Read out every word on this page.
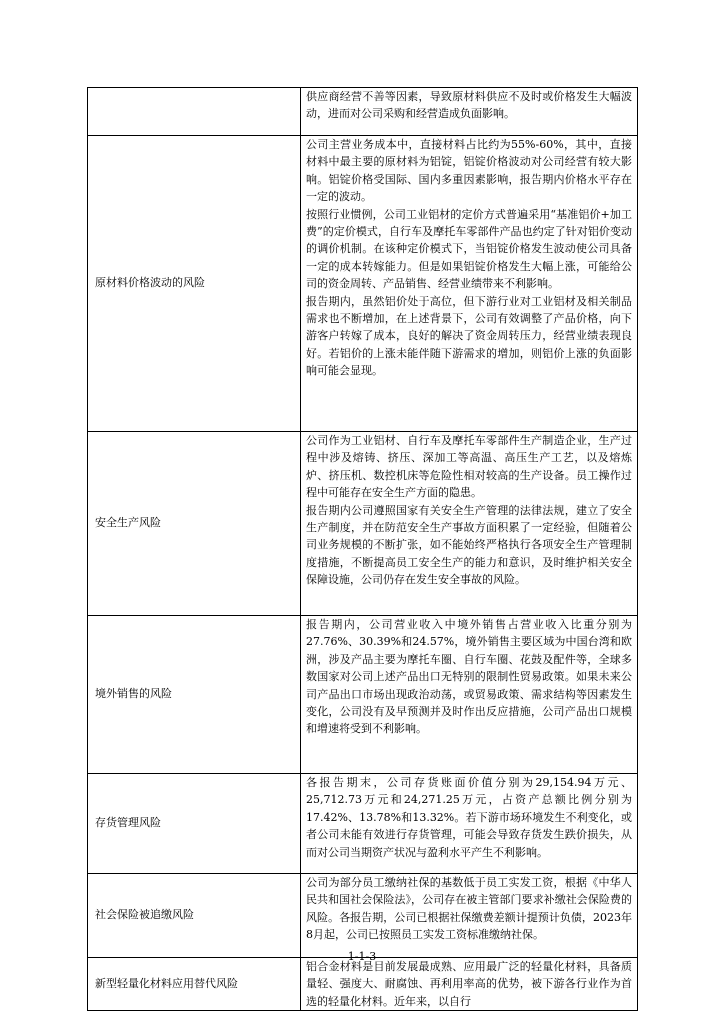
	供应商经营不善等因素，导致原材料供应不及时或价格发生大幅波动，进而对公司采购和经营造成负面影响。

原材料价格波动的风险	公司主营业务成本中，直接材料占比约为55%-60%，其中，直接材料中最主要的原材料为铝锭，铝锭价格波动对公司经营有较大影响。铝锭价格受国际、国内多重因素影响，报告期内价格水平存在一定的波动。

按照行业惯例，公司工业铝材的定价方式普遍采用“基准铝价+加工费”的定价模式，自行车及摩托车零部件产品也约定了针对铝价变动的调价机制。在该种定价模式下，当铝锭价格发生波动使公司具备一定的成本转嫁能力。但是如果铝锭价格发生大幅上涨，可能给公司的资金周转、产品销售、经营业绩带来不利影响。

报告期内，虽然铝价处于高位，但下游行业对工业铝材及相关制品需求也不断增加，在上述背景下，公司有效调整了产品价格，向下游客户转嫁了成本，良好的解决了资金周转压力，经营业绩表现良好。若铝价的上涨未能伴随下游需求的增加，则铝价上涨的负面影响可能会显现。

安全生产风险	公司作为工业铝材、自行车及摩托车零部件生产制造企业，生产过程中涉及熔铸、挤压、深加工等高温、高压生产工艺，以及熔炼炉、挤压机、数控机床等危险性相对较高的生产设备。员工操作过程中可能存在安全生产方面的隐患。

报告期内公司遵照国家有关安全生产管理的法律法规，建立了安全生产制度，并在防范安全生产事故方面积累了一定经验，但随着公司业务规模的不断扩张，如不能始终严格执行各项安全生产管理制度措施，不断提高员工安全生产的能力和意识，及时维护相关安全保障设施，公司仍存在发生安全事故的风险。

境外销售的风险	报告期内，公司营业收入中境外销售占营业收入比重分别为27.76%、30.39%和24.57%，境外销售主要区域为中国台湾和欧洲，涉及产品主要为摩托车圈、自行车圈、花鼓及配件等，全球多数国家对公司上述产品出口无特别的限制性贸易政策。如果未来公司产品出口市场出现政治动荡，或贸易政策、需求结构等因素发生变化，公司没有及早预测并及时作出反应措施，公司产品出口规模和增速将受到不利影响。

存货管理风险	各报告期末，公司存货账面价值分别为29,154.94万元、25,712.73万元和24,271.25万元，占资产总额比例分别为17.42%、13.78%和13.32%。若下游市场环境发生不利变化，或者公司未能有效进行存货管理，可能会导致存货发生跌价损失，从而对公司当期资产状况与盈利水平产生不利影响。

社会保险被追缴风险	公司为部分员工缴纳社保的基数低于员工实发工资，根据《中华人民共和国社会保险法》，公司存在被主管部门要求补缴社会保险费的风险。各报告期，公司已根据社保缴费差额计提预计负债，2023年8月起，公司已按照员工实发工资标准缴纳社保。

新型轻量化材料应用替代风险	铝合金材料是目前发展最成熟、应用最广泛的轻量化材料，具备质量轻、强度大、耐腐蚀、再利用率高的优势，被下游各行业作为首选的轻量化材料。近年来，以自行

1-1-3
